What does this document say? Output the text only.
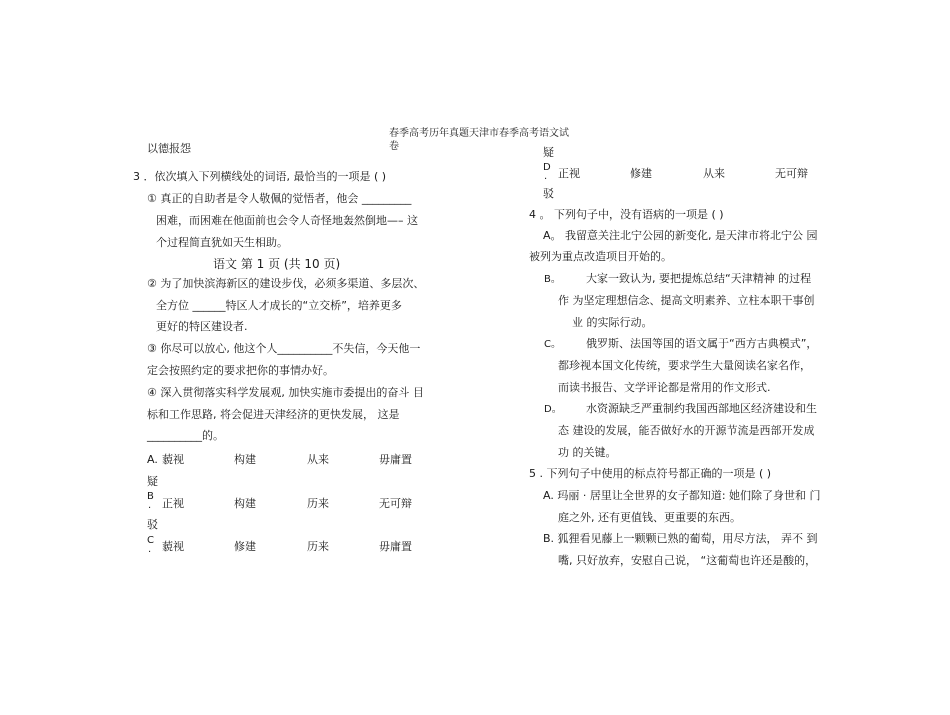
春季高考历年真题天津市春季高考语文试
卷
以德报怨
3 ．依次填入下列横线处的词语, 最恰当的一项是 ( )
① 真正的自助者是令人敬佩的觉悟者，他会 _________
困难，而困难在他面前也会令人奇怪地轰然倒地—– 这
个过程简直犹如天生相助。
语文 第 1 页 (共 10 页)
② 为了加快滨海新区的建设步伐，必须多渠道、多层次、
全方位 ______特区人才成长的“立交桥”，培养更多
更好的特区建设者.
③ 你尽可以放心, 他这个人__________不失信，今天他一
定会按照约定的要求把你的事情办好。
④ 深入贯彻落实科学发展观, 加快实施市委提出的奋斗 目
标和工作思路, 将会促进天津经济的更快发展， 这是
__________的。
A. 藐视	构建	从来	毋庸置
疑
B
· 正视	构建	历来	无可辩
驳
C
· 藐视	修建	历来	毋庸置
疑
D
· 正视	修建	从来	无可辩
驳
4 。 下列句子中，没有语病的一项是 ( )
A。 我留意关注北宁公园的新变化, 是天津市将北宁公 园
被列为重点改造项目开始的。
B。 大家一致认为, 要把提炼总结“天津精神 的过程
作 为坚定理想信念、提高文明素养、立柱本职干事创
业 的实际行动。
C。 俄罗斯、法国等国的语文属于“西方古典模式”，
都珍视本国文化传统，要求学生大量阅读名家名作，
而读书报告、文学评论都是常用的作文形式.
D。 水资源缺乏严重制约我国西部地区经济建设和生
态 建设的发展，能否做好水的开源节流是西部开发成
功 的关键。
5 . 下列句子中使用的标点符号都正确的一项是 ( )
A. 玛丽 · 居里让全世界的女子都知道: 她们除了身世和 门
庭之外, 还有更值钱、更重要的东西。
B. 狐狸看见藤上一颗颗已熟的葡萄，用尽方法， 弄不 到
嘴, 只好放弃，安慰自己说， “这葡萄也许还是酸的，
